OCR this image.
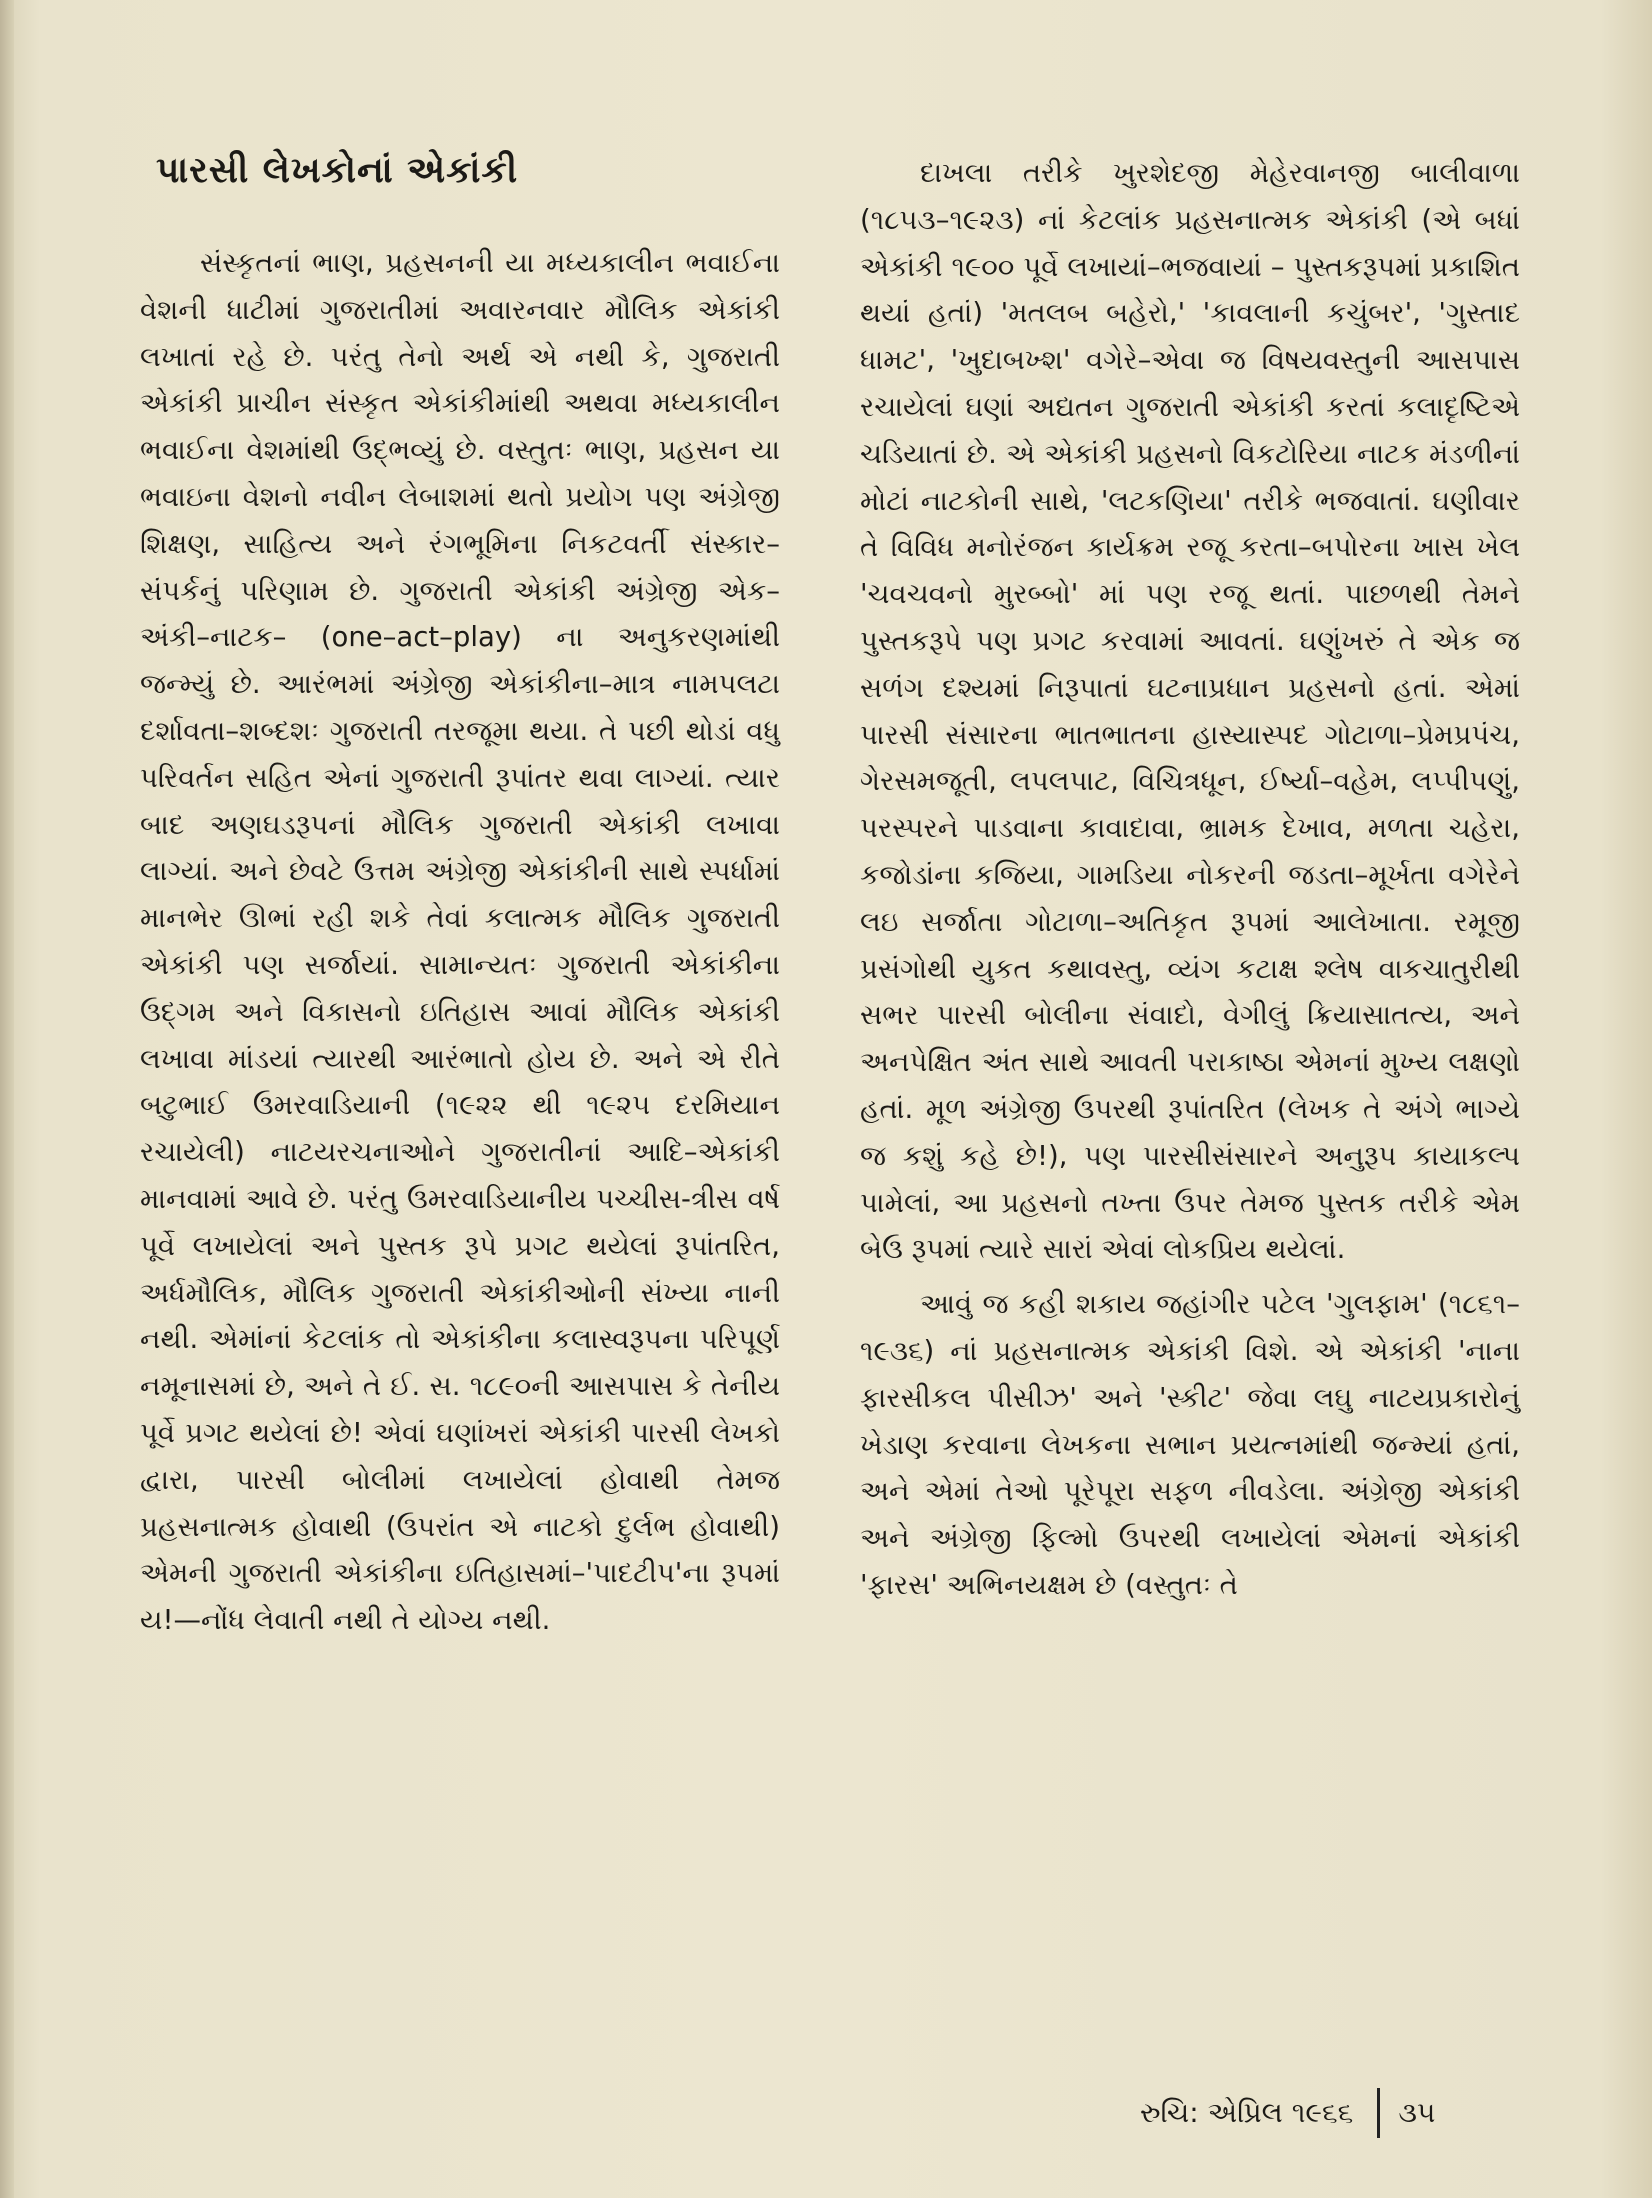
પારસી લેખકોનાં એકાંકી

સંસ્કૃતનાં ભાણ, પ્રહસનની યા મધ્યકાલીન ભવાઈના વેશની ધાટીમાં ગુજરાતીમાં અવારનવાર મૌલિક એકાંકી લખાતાં રહે છે. પરંતુ તેનો અર્થ એ નથી કે, ગુજરાતી એકાંકી પ્રાચીન સંસ્કૃત એકાંકીમાંથી અથવા મધ્યકાલીન ભવાઈના વેશમાંથી ઉદ્ભવ્યું છે. વસ્તુતઃ ભાણ, પ્રહસન યા ભવાઇના વેશનો નવીન લેબાશમાં થતો પ્રયોગ પણ અંગ્રેજી શિક્ષણ, સાહિત્ય અને રંગભૂમિના નિકટવર્તી સંસ્કાર–સંપર્કનું પરિણામ છે. ગુજરાતી એકાંકી અંગ્રેજી એક– અંકી–નાટક– (one–act–play) ના અનુકરણમાંથી જન્મ્યું છે. આરંભમાં અંગ્રેજી એકાંકીના–માત્ર નામપલટા દર્શાવતા–શબ્દશઃ ગુજરાતી તરજૂમા થયા. તે પછી થોડાં વધુ પરિવર્તન સહિત એનાં ગુજરાતી રૂપાંતર થવા લાગ્યાં. ત્યાર બાદ અણઘડરૂપનાં મૌલિક ગુજરાતી એકાંકી લખાવા લાગ્યાં. અને છેવટે ઉત્તમ અંગ્રેજી એકાંકીની સાથે સ્પર્ધામાં માનભેર ઊભાં રહી શકે તેવાં કલાત્મક મૌલિક ગુજરાતી એકાંકી પણ સર્જાયાં. સામાન્યતઃ ગુજરાતી એકાંકીના ઉદ્‌ગમ અને વિકાસનો ઇતિહાસ આવાં મૌલિક એકાંકી લખાવા માંડયાં ત્યારથી આરંભાતો હોય છે. અને એ રીતે બટુભાઈ ઉમરવાડિયાની (૧૯૨૨ થી ૧૯૨૫ દરમિયાન રચાયેલી) નાટયરચનાઓને ગુજરાતીનાં આદિ–એકાંકી માનવામાં આવે છે. પરંતુ ઉમરવાડિયાનીય પચ્ચીસ-ત્રીસ વર્ષ પૂર્વે લખાયેલાં અને પુસ્તક રૂપે પ્રગટ થયેલાં રૂપાંતરિત, અર્ધમૌલિક, મૌલિક ગુજરાતી એકાંકીઓની સંખ્યા નાની નથી. એમાંનાં કેટલાંક તો એકાંકીના કલાસ્વરૂપના પરિપૂર્ણ નમૂનાસમાં છે, અને તે ઈ. સ. ૧૮૯૦ની આસપાસ કે તેનીય પૂર્વે પ્રગટ થયેલાં છે! એવાં ઘણાંખરાં એકાંકી પારસી લેખકો દ્વારા, પારસી બોલીમાં લખાયેલાં હોવાથી તેમજ પ્રહસનાત્મક હોવાથી (ઉપરાંત એ નાટકો દુર્લભ હોવાથી) એમની ગુજરાતી એકાંકીના ઇતિહાસમાં–'પાદટીપ'ના રૂપમાં ય!—નોંધ લેવાતી નથી તે યોગ્ય નથી.

દાખલા તરીકે ખુરશેદજી મેહેરવાનજી બાલીવાળા (૧૮૫૩–૧૯૨૩) નાં કેટલાંક પ્રહસનાત્મક એકાંકી (એ બધાં એકાંકી ૧૯૦૦ પૂર્વે લખાયાં–ભજવાયાં – પુસ્તકરૂપમાં પ્રકાશિત થયાં હતાં) 'મતલબ બહેરો,' 'કાવલાની કચુંબર', 'ગુસ્તાદ ધામટ', 'ખુદાબખ્શ' વગેરે–એવા જ વિષયવસ્તુની આસપાસ રચાયેલાં ઘણાં અદ્યતન ગુજરાતી એકાંકી કરતાં કલાદૃષ્ટિએ ચડિયાતાં છે. એ એકાંકી પ્રહસનો વિકટોરિયા નાટક મંડળીનાં મોટાં નાટકોની સાથે, 'લટકણિયા' તરીકે ભજવાતાં. ઘણીવાર તે વિવિધ મનોરંજન કાર્યક્રમ રજૂ કરતા–બપોરના ખાસ ખેલ 'ચવચવનો મુરબ્બો' માં પણ રજૂ થતાં. પાછળથી તેમને પુસ્તકરૂપે પણ પ્રગટ કરવામાં આવતાં. ઘણુંખરું તે એક જ સળંગ દશ્યમાં નિરૂપાતાં ઘટનાપ્રધાન પ્રહસનો હતાં. એમાં પારસી સંસારના ભાતભાતના હાસ્યાસ્પદ ગોટાળા–પ્રેમપ્રપંચ, ગેરસમજૂતી, લપલપાટ, વિચિત્રધૂન, ઈર્ષ્યા–વહેમ, લપ્પીપણું, પરસ્પરને પાડવાના કાવાદાવા, ભ્રામક દેખાવ, મળતા ચહેરા, કજોડાંના કજિયા, ગામડિયા નોકરની જડતા–મૂર્ખતા વગેરેને લઇ સર્જાતા ગોટાળા–અતિકૃત રૂપમાં આલેખાતા. રમૂજી પ્રસંગોથી યુકત કથાવસ્તુ, વ્યંગ કટાક્ષ શ્લેષ વાકચાતુરીથી સભર પારસી બોલીના સંવાદો, વેગીલું ક્રિયાસાતત્ય, અને અનપેક્ષિત અંત સાથે આવતી પરાકાષ્ઠા એમનાં મુખ્ય લક્ષણો હતાં. મૂળ અંગ્રેજી ઉપરથી રૂપાંતરિત (લેખક તે અંગે ભાગ્યે જ કશું કહે છે!), પણ પારસીસંસારને અનુરૂપ કાયાકલ્પ પામેલાં, આ પ્રહસનો તખ્તા ઉપર તેમજ પુસ્તક તરીકે એમ બેઉ રૂપમાં ત્યારે સારાં એવાં લોકપ્રિય થયેલાં.

આવું જ કહી શકાય જહાંગીર પટેલ 'ગુલફામ' (૧૮૬૧–૧૯૩૬) નાં પ્રહસનાત્મક એકાંકી વિશે. એ એકાંકી 'નાના ફારસીકલ પીસીઝ' અને 'સ્કીટ' જેવા લઘુ નાટયપ્રકારોનું ખેડાણ કરવાના લેખકના સભાન પ્રયત્નમાંથી જન્મ્યાં હતાં, અને એમાં તેઓ પૂરેપૂરા સફળ નીવડેલા. અંગ્રેજી એકાંકી અને અંગ્રેજી ફિલ્મો ઉપરથી લખાયેલાં એમનાં એકાંકી 'ફારસ' અભિનયક્ષમ છે (વસ્તુતઃ તે

રુચિ: એપ્રિલ ૧૯૬૬ ૩૫
